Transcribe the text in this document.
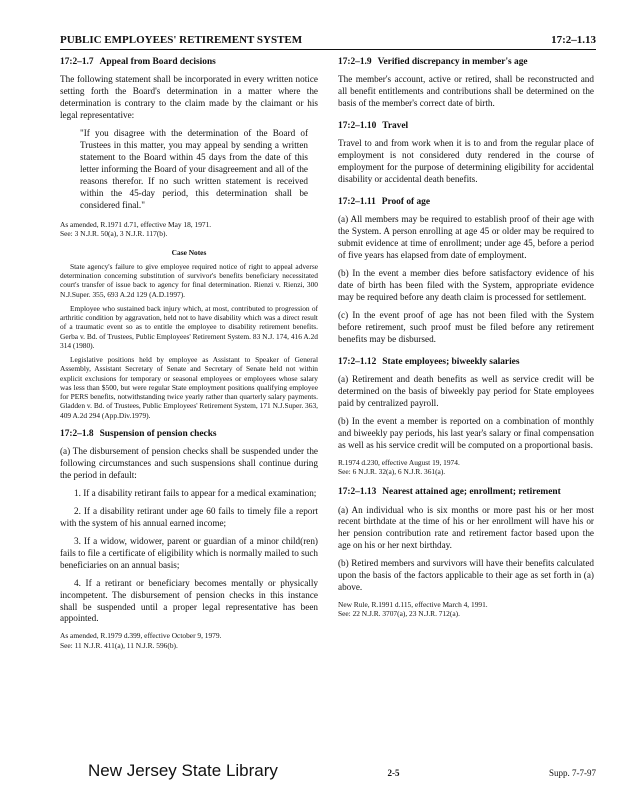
PUBLIC EMPLOYEES' RETIREMENT SYSTEM	17:2–1.13
17:2–1.7 Appeal from Board decisions

The following statement shall be incorporated in every written notice setting forth the Board's determination in a matter where the determination is contrary to the claim made by the claimant or his legal representative:

"If you disagree with the determination of the Board of Trustees in this matter, you may appeal by sending a written statement to the Board within 45 days from the date of this letter informing the Board of your disagreement and all of the reasons therefor. If no such written statement is received within the 45-day period, this determination shall be considered final."

As amended, R.1971 d.71, effective May 18, 1971.
See: 3 N.J.R. 50(a), 3 N.J.R. 117(b).
Case Notes

State agency's failure to give employee required notice of right to appeal adverse determination concerning substitution of survivor's benefits beneficiary necessitated court's transfer of issue back to agency for final determination. Rienzi v. Rienzi, 300 N.J.Super. 355, 693 A.2d 129 (A.D.1997).

Employee who sustained back injury which, at most, contributed to progression of arthritic condition by aggravation, held not to have disability which was a direct result of a traumatic event so as to entitle the employee to disability retirement benefits. Gerba v. Bd. of Trustees, Public Employees' Retirement System. 83 N.J. 174, 416 A.2d 314 (1980).

Legislative positions held by employee as Assistant to Speaker of General Assembly, Assistant Secretary of Senate and Secretary of Senate held not within explicit exclusions for temporary or seasonal employees or employees whose salary was less than $500, but were regular State employment positions qualifying employee for PERS benefits, notwithstanding twice yearly rather than quarterly salary payments. Gladden v. Bd. of Trustees, Public Employees' Retirement System, 171 N.J.Super. 363, 409 A.2d 294 (App.Div.1979).

17:2–1.8 Suspension of pension checks

(a) The disbursement of pension checks shall be suspended under the following circumstances and such suspensions shall continue during the period in default:

1. If a disability retirant fails to appear for a medical examination;

2. If a disability retirant under age 60 fails to timely file a report with the system of his annual earned income;

3. If a widow, widower, parent or guardian of a minor child(ren) fails to file a certificate of eligibility which is normally mailed to such beneficiaries on an annual basis;

4. If a retirant or beneficiary becomes mentally or physically incompetent. The disbursement of pension checks in this instance shall be suspended until a proper legal representative has been appointed.

As amended, R.1979 d.399, effective October 9, 1979.
See: 11 N.J.R. 411(a), 11 N.J.R. 596(b).
17:2–1.9 Verified discrepancy in member's age

The member's account, active or retired, shall be reconstructed and all benefit entitlements and contributions shall be determined on the basis of the member's correct date of birth.

17:2–1.10 Travel

Travel to and from work when it is to and from the regular place of employment is not considered duty rendered in the course of employment for the purpose of determining eligibility for accidental disability or accidental death benefits.

17:2–1.11 Proof of age

(a) All members may be required to establish proof of their age with the System. A person enrolling at age 45 or older may be required to submit evidence at time of enrollment; under age 45, before a period of five years has elapsed from date of employment.

(b) In the event a member dies before satisfactory evidence of his date of birth has been filed with the System, appropriate evidence may be required before any death claim is processed for settlement.

(c) In the event proof of age has not been filed with the System before retirement, such proof must be filed before any retirement benefits may be disbursed.

17:2–1.12 State employees; biweekly salaries

(a) Retirement and death benefits as well as service credit will be determined on the basis of biweekly pay period for State employees paid by centralized payroll.

(b) In the event a member is reported on a combination of monthly and biweekly pay periods, his last year's salary or final compensation as well as his service credit will be computed on a proportional basis.

R.1974 d.230, effective August 19, 1974.
See: 6 N.J.R. 32(a), 6 N.J.R. 361(a).
17:2–1.13 Nearest attained age; enrollment; retirement

(a) An individual who is six months or more past his or her most recent birthdate at the time of his or her enrollment will have his or her pension contribution rate and retirement factor based upon the age on his or her next birthday.

(b) Retired members and survivors will have their benefits calculated upon the basis of the factors applicable to their age as set forth in (a) above.

New Rule, R.1991 d.115, effective March 4, 1991.
See: 22 N.J.R. 3707(a), 23 N.J.R. 712(a).
New Jersey State Library	2-5	Supp. 7-7-97
